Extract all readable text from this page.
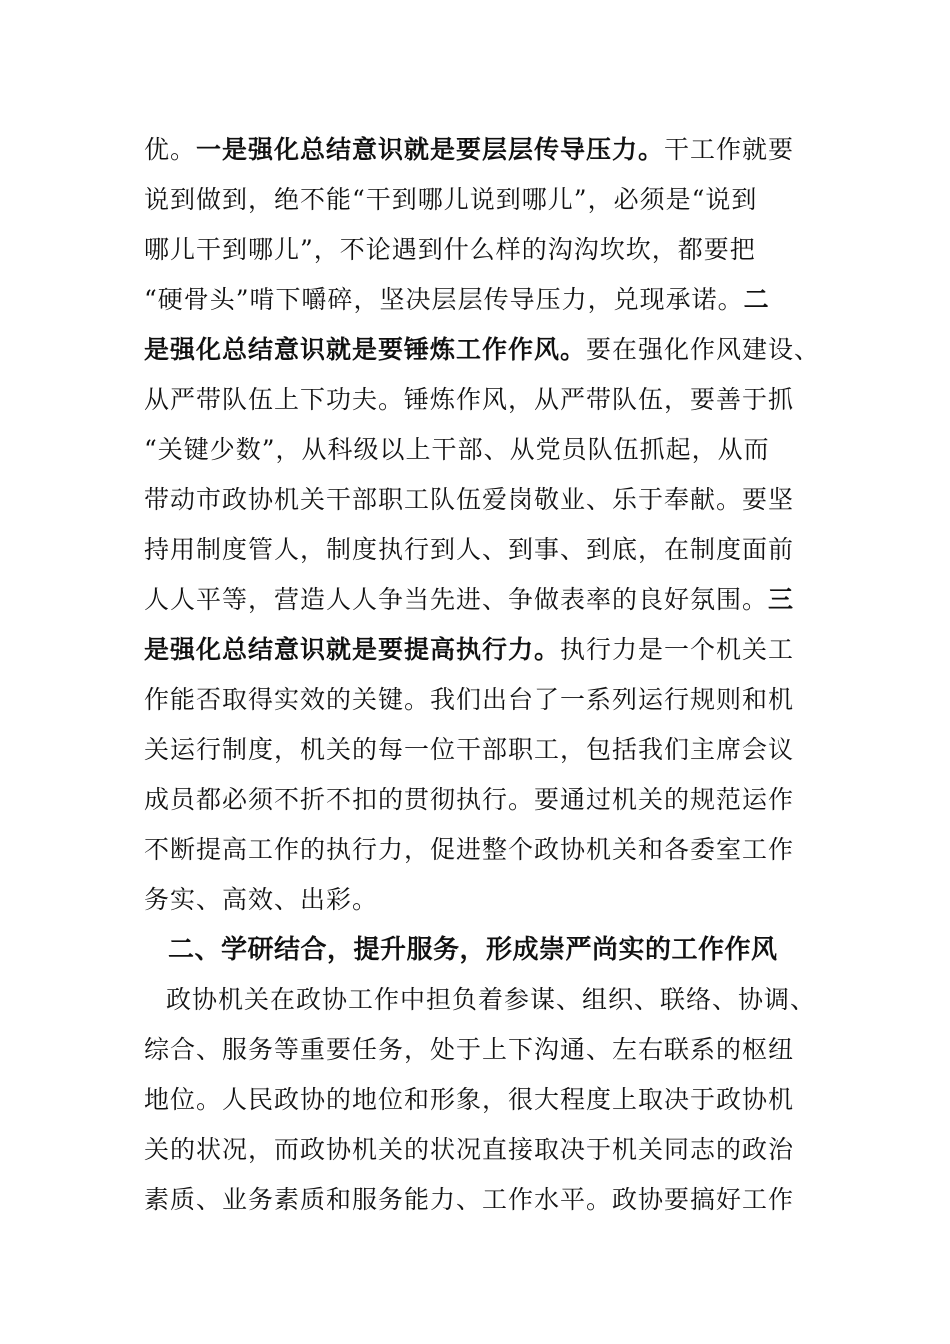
优。一是强化总结意识就是要层层传导压力。干工作就要
说到做到，绝不能“干到哪儿说到哪儿”，必须是“说到
哪儿干到哪儿”，不论遇到什么样的沟沟坎坎，都要把
“硬骨头”啃下嚼碎，坚决层层传导压力，兑现承诺。二
是强化总结意识就是要锤炼工作作风。要在强化作风建设、
从严带队伍上下功夫。锤炼作风，从严带队伍，要善于抓
“关键少数”，从科级以上干部、从党员队伍抓起，从而
带动市政协机关干部职工队伍爱岗敬业、乐于奉献。要坚
持用制度管人，制度执行到人、到事、到底，在制度面前
人人平等，营造人人争当先进、争做表率的良好氛围。三
是强化总结意识就是要提高执行力。执行力是一个机关工
作能否取得实效的关键。我们出台了一系列运行规则和机
关运行制度，机关的每一位干部职工，包括我们主席会议
成员都必须不折不扣的贯彻执行。要通过机关的规范运作
不断提高工作的执行力，促进整个政协机关和各委室工作
务实、高效、出彩。
二、学研结合，提升服务，形成崇严尚实的工作作风
政协机关在政协工作中担负着参谋、组织、联络、协调、
综合、服务等重要任务，处于上下沟通、左右联系的枢纽
地位。人民政协的地位和形象，很大程度上取决于政协机
关的状况，而政协机关的状况直接取决于机关同志的政治
素质、业务素质和服务能力、工作水平。政协要搞好工作
